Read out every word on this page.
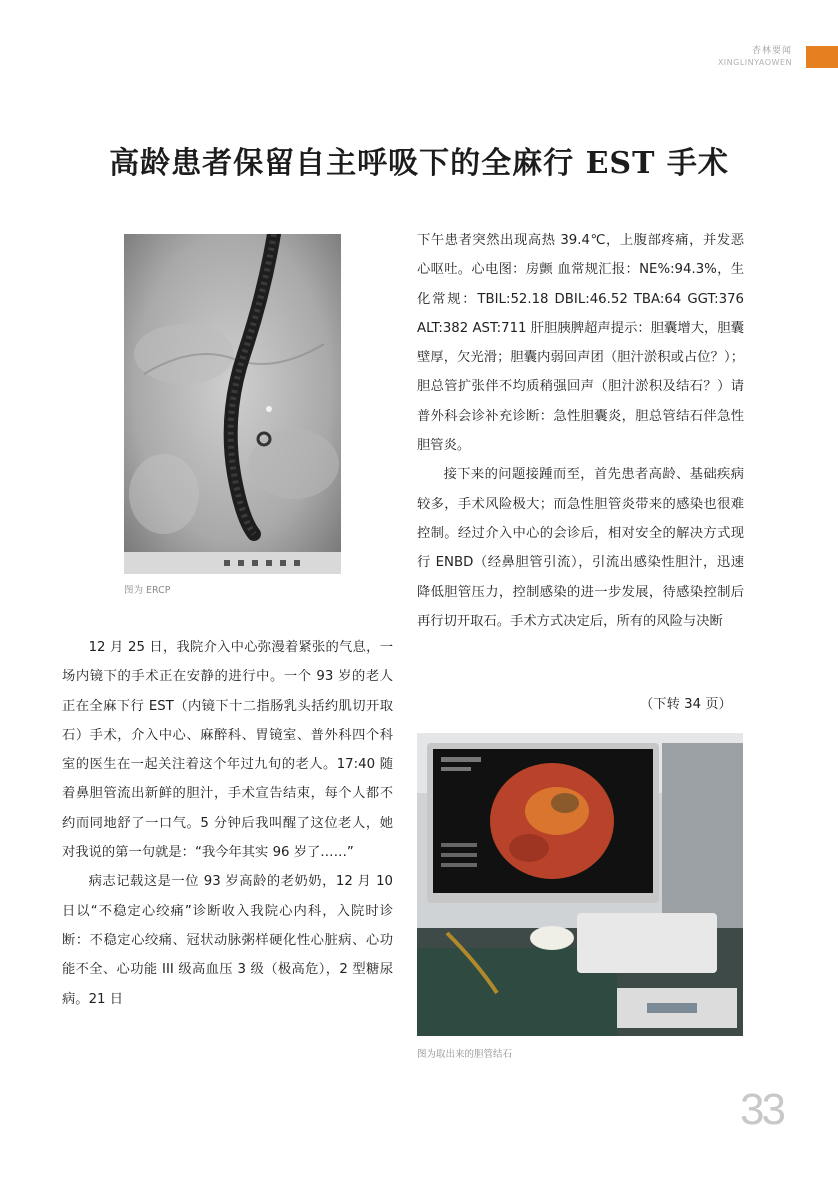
杏林要闻
XINGLINYAOWEN
高龄患者保留自主呼吸下的全麻行 EST 手术
图为 ERCP

12 月 25 日，我院介入中心弥漫着紧张的气息，一场内镜下的手术正在安静的进行中。一个 93 岁的老人正在全麻下行 EST（内镜下十二指肠乳头括约肌切开取石）手术，介入中心、麻醉科、胃镜室、普外科四个科室的医生在一起关注着这个年过九旬的老人。17:40 随着鼻胆管流出新鲜的胆汁，手术宣告结束，每个人都不约而同地舒了一口气。5 分钟后我叫醒了这位老人，她对我说的第一句就是：“我今年其实 96 岁了……”

病志记载这是一位 93 岁高龄的老奶奶，12 月 10 日以“不稳定心绞痛”诊断收入我院心内科，入院时诊断：不稳定心绞痛、冠状动脉粥样硬化性心脏病、心功能不全、心功能 III 级高血压 3 级（极高危），2 型糖尿病。21 日

下午患者突然出现高热 39.4℃，上腹部疼痛，并发恶心呕吐。心电图：房颤 血常规汇报：NE%:94.3%，生化常规：TBIL:52.18 DBIL:46.52 TBA:64 GGT:376 ALT:382 AST:711 肝胆胰脾超声提示：胆囊增大，胆囊壁厚，欠光滑；胆囊内弱回声团（胆汁淤积或占位？）；胆总管扩张伴不均质稍强回声（胆汁淤积及结石？）请普外科会诊补充诊断：急性胆囊炎，胆总管结石伴急性胆管炎。

接下来的问题接踵而至，首先患者高龄、基础疾病较多，手术风险极大；而急性胆管炎带来的感染也很难控制。经过介入中心的会诊后，相对安全的解决方式现行 ENBD（经鼻胆管引流），引流出感染性胆汁，迅速降低胆管压力，控制感染的进一步发展，待感染控制后再行切开取石。手术方式决定后，所有的风险与决断

（下转 34 页）
图为取出来的胆管结石
33
